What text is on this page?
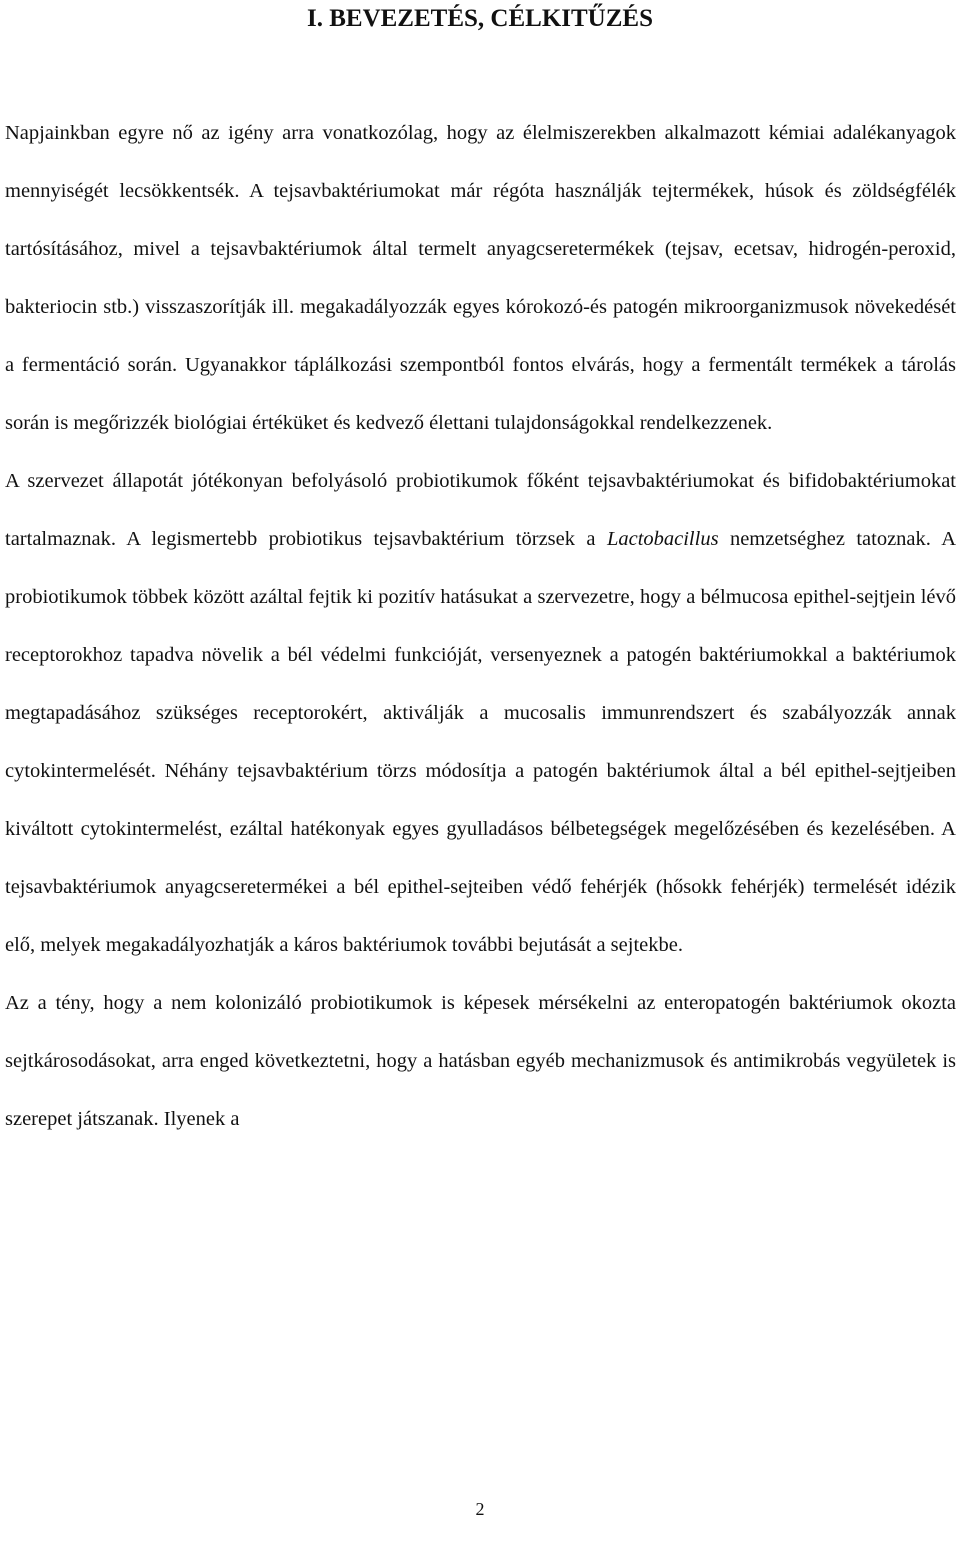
I. BEVEZETÉS, CÉLKITŰZÉS

Napjainkban egyre nő az igény arra vonatkozólag, hogy az élelmiszerekben alkalmazott kémiai adalékanyagok mennyiségét lecsökkentsék. A tejsavbaktériumokat már régóta használják tejtermékek, húsok és zöldségfélék tartósításához, mivel a tejsavbaktériumok által termelt anyagcseretermékek (tejsav, ecetsav, hidrogén-peroxid, bakteriocin stb.) visszaszorítják ill. megakadályozzák egyes kórokozó-és patogén mikroorganizmusok növekedését a fermentáció során. Ugyanakkor táplálkozási szempontból fontos elvárás, hogy a fermentált termékek a tárolás során is megőrizzék biológiai értéküket és kedvező élettani tulajdonságokkal rendelkezzenek.

A szervezet állapotát jótékonyan befolyásoló probiotikumok főként tejsavbaktériumokat és bifidobaktériumokat tartalmaznak. A legismertebb probiotikus tejsavbaktérium törzsek a Lactobacillus nemzetséghez tatoznak. A probiotikumok többek között azáltal fejtik ki pozitív hatásukat a szervezetre, hogy a bélmucosa epithel-sejtjein lévő receptorokhoz tapadva növelik a bél védelmi funkcióját, versenyeznek a patogén baktériumokkal a baktériumok megtapadásához szükséges receptorokért, aktiválják a mucosalis immunrendszert és szabályozzák annak cytokintermelését. Néhány tejsavbaktérium törzs módosítja a patogén baktériumok által a bél epithel-sejtjeiben kiváltott cytokintermelést, ezáltal hatékonyak egyes gyulladásos bélbetegségek megelőzésében és kezelésében. A tejsavbaktériumok anyagcseretermékei a bél epithel-sejteiben védő fehérjék (hősokk fehérjék) termelését idézik elő, melyek megakadályozhatják a káros baktériumok további bejutását a sejtekbe.

Az a tény, hogy a nem kolonizáló probiotikumok is képesek mérsékelni az enteropatogén baktériumok okozta sejtkárosodásokat, arra enged következtetni, hogy a hatásban egyéb mechanizmusok és antimikrobás vegyületek is szerepet játszanak. Ilyenek a

2
